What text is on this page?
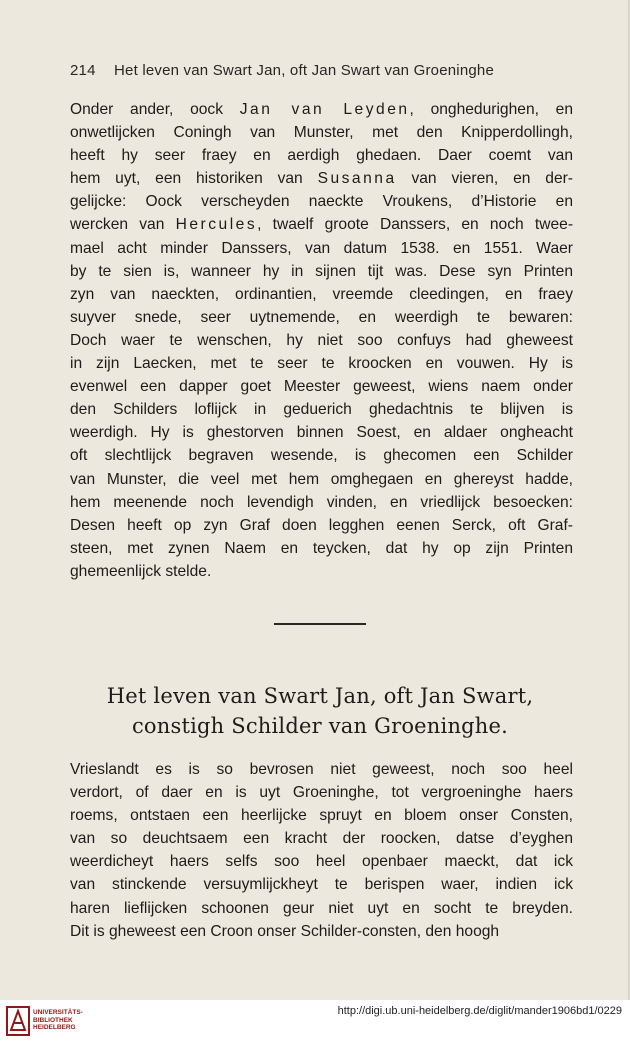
214 Het leven van Swart Jan, oft Jan Swart van Groeninghe
Onder ander, oock Jan van Leyden, onghedurighen, en
onwetlijcken Coningh van Munster, met den Knipperdollingh,
heeft hy seer fraey en aerdigh ghedaen. Daer coemt van
hem uyt, een historiken van Susanna van vieren, en der-
gelijcke: Oock verscheyden naeckte Vroukens, d’Historie en
wercken van Hercules, twaelf groote Danssers, en noch twee-
mael acht minder Danssers, van datum 1538. en 1551. Waer
by te sien is, wanneer hy in sijnen tijt was. Dese syn Printen
zyn van naeckten, ordinantien, vreemde cleedingen, en fraey
suyver snede, seer uytnemende, en weerdigh te bewaren:
Doch waer te wenschen, hy niet soo confuys had gheweest
in zijn Laecken, met te seer te kroocken en vouwen. Hy is
evenwel een dapper goet Meester geweest, wiens naem onder
den Schilders loflijck in geduerich ghedachtnis te blijven is
weerdigh. Hy is ghestorven binnen Soest, en aldaer ongheacht
oft slechtlijck begraven wesende, is ghecomen een Schilder
van Munster, die veel met hem omghegaen en ghereyst hadde,
hem meenende noch levendigh vinden, en vriedlijck besoecken:
Desen heeft op zyn Graf doen legghen eenen Serck, oft Graf-
steen, met zynen Naem en teycken, dat hy op zijn Printen
ghemeenlijck stelde.
Het leven van Swart Jan, oft Jan Swart,
constigh Schilder van Groeninghe.
Vrieslandt es is so bevrosen niet geweest, noch soo heel
verdort, of daer en is uyt Groeninghe, tot vergroeninghe haers
roems, ontstaen een heerlijcke spruyt en bloem onser Consten,
van so deuchtsaem een kracht der roocken, datse d’eyghen
weerdicheyt haers selfs soo heel openbaer maeckt, dat ick
van stinckende versuymlijckheyt te berispen waer, indien ick
haren lieflijcken schoonen geur niet uyt en socht te breyden.
Dit is gheweest een Croon onser Schilder-consten, den hoogh
UNIVERSITÄTS-
BIBLIOTHEK
HEIDELBERG
http://digi.ub.uni-heidelberg.de/diglit/mander1906bd1/0229
